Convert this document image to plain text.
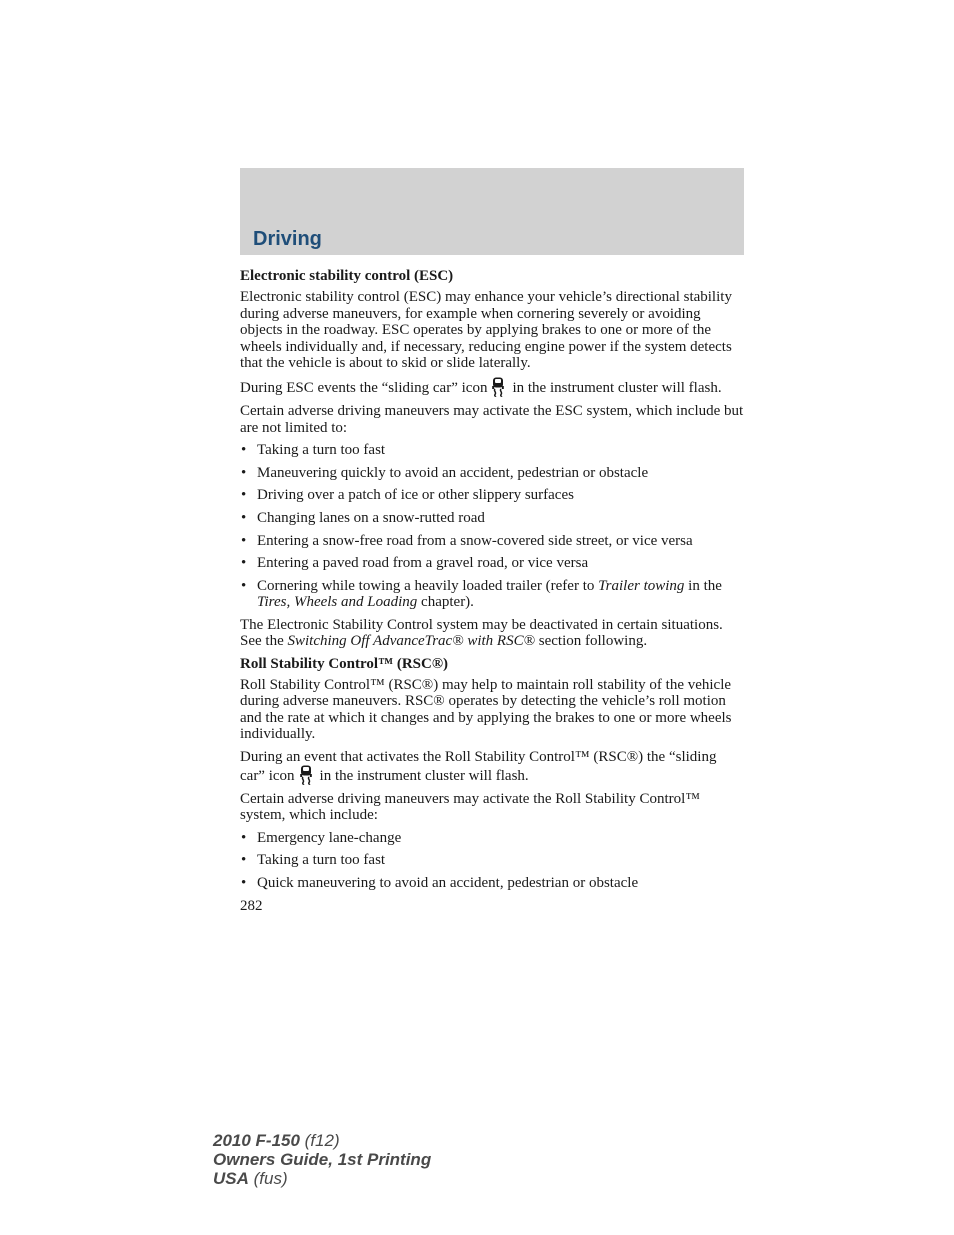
Driving
Electronic stability control (ESC)

Electronic stability control (ESC) may enhance your vehicle’s directional stability during adverse maneuvers, for example when cornering severely or avoiding objects in the roadway. ESC operates by applying brakes to one or more of the wheels individually and, if necessary, reducing engine power if the system detects that the vehicle is about to skid or slide laterally.

During ESC events the “sliding car” icon in the instrument cluster will flash.

Certain adverse driving maneuvers may activate the ESC system, which include but are not limited to:

• Taking a turn too fast
• Maneuvering quickly to avoid an accident, pedestrian or obstacle
• Driving over a patch of ice or other slippery surfaces
• Changing lanes on a snow-rutted road
• Entering a snow-free road from a snow-covered side street, or vice versa
• Entering a paved road from a gravel road, or vice versa
• Cornering while towing a heavily loaded trailer (refer to Trailer towing in the Tires, Wheels and Loading chapter).

The Electronic Stability Control system may be deactivated in certain situations. See the Switching Off AdvanceTrac® with RSC® section following.

Roll Stability Control™ (RSC®)

Roll Stability Control™ (RSC®) may help to maintain roll stability of the vehicle during adverse maneuvers. RSC® operates by detecting the vehicle’s roll motion and the rate at which it changes and by applying the brakes to one or more wheels individually.

During an event that activates the Roll Stability Control™ (RSC®) the “sliding car” icon in the instrument cluster will flash.

Certain adverse driving maneuvers may activate the Roll Stability Control™ system, which include:

• Emergency lane-change
• Taking a turn too fast
• Quick maneuvering to avoid an accident, pedestrian or obstacle
282
2010 F-150 (f12)
Owners Guide, 1st Printing
USA (fus)
